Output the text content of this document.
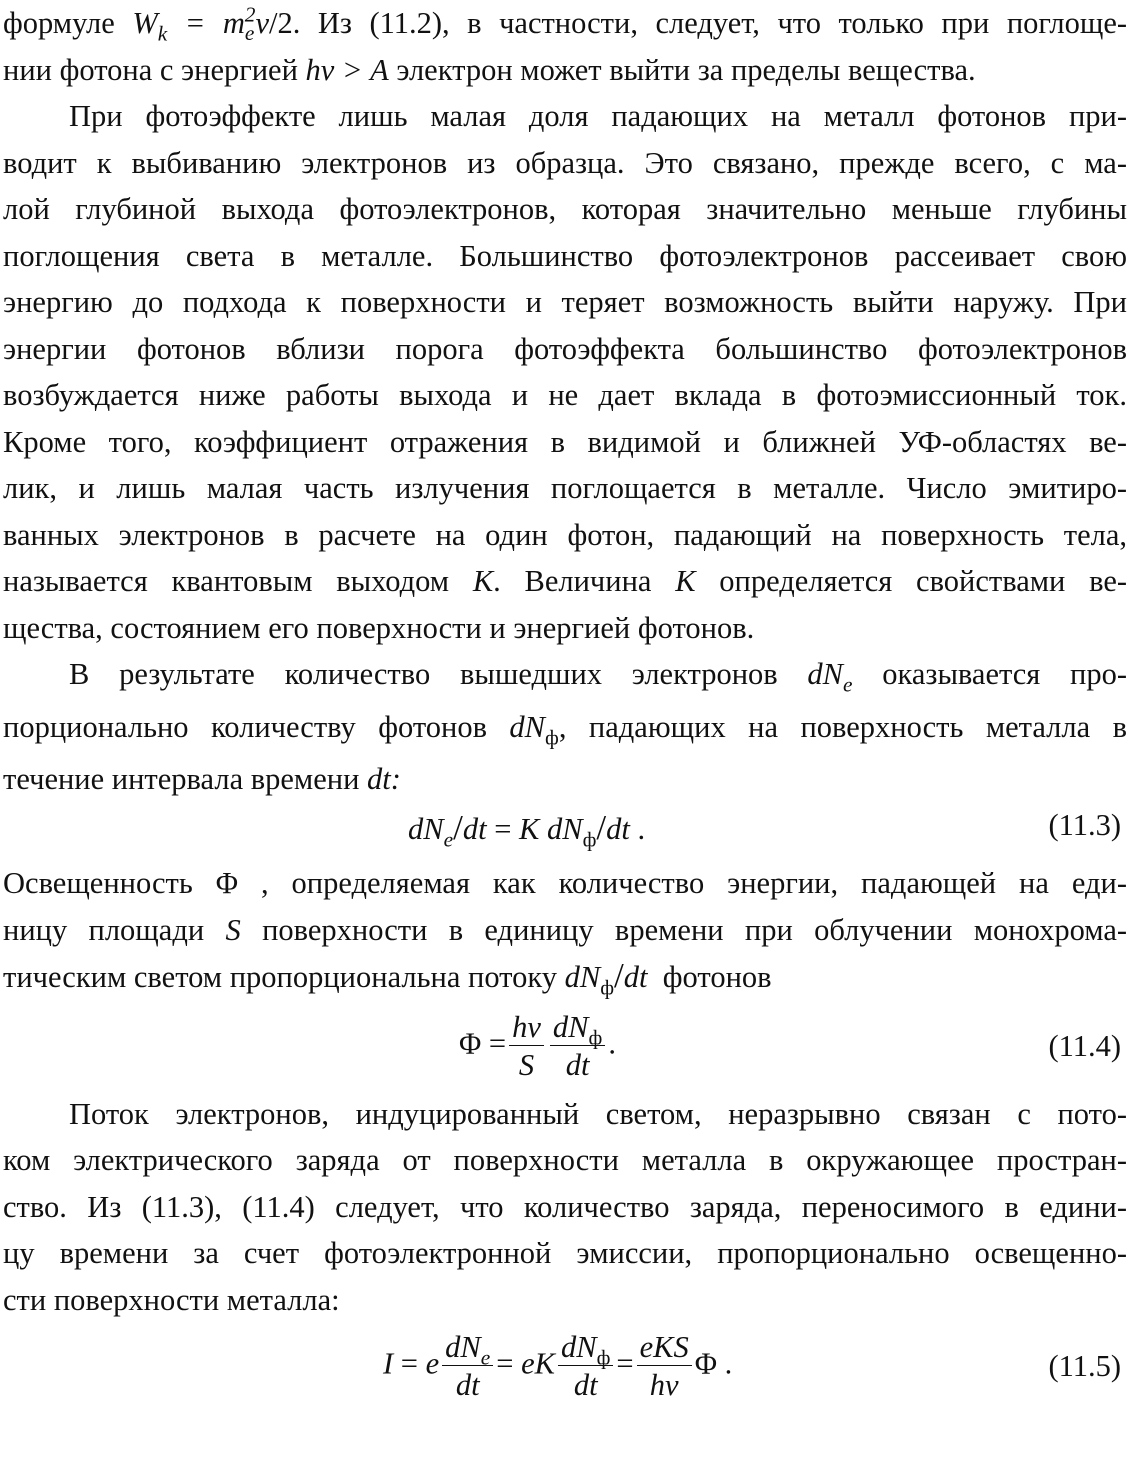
формуле $W_k = m_e^2v/2$. Из (11.2), в частности, следует, что только при поглоще-
нии фотона с энергией hν > A электрон может выйти за пределы вещества.
При фотоэффекте лишь малая доля падающих на металл фотонов при-
водит к выбиванию электронов из образца. Это связано, прежде всего, с ма-
лой глубиной выхода фотоэлектронов, которая значительно меньше глубины
поглощения света в металле. Большинство фотоэлектронов рассеивает свою
энергию до подхода к поверхности и теряет возможность выйти наружу. При
энергии фотонов вблизи порога фотоэффекта большинство фотоэлектронов
возбуждается ниже работы выхода и не дает вклада в фотоэмиссионный ток.
Кроме того, коэффициент отражения в видимой и ближней УФ-областях ве-
лик, и лишь малая часть излучения поглощается в металле. Число эмитиро-
ванных электронов в расчете на один фотон, падающий на поверхность тела,
называется квантовым выходом K. Величина K определяется свойствами ве-
щества, состоянием его поверхности и энергией фотонов.
В результате количество вышедших электронов $dN_e$ оказывается про-
порционально количеству фотонов $dN_ф$, падающих на поверхность металла в
течение интервала времени dt:
$dN_e/dt = K$ $dN_ф/dt$ .	(11.3)
Освещенность Φ , определяемая как количество энергии, падающей на еди-
ницу площади S поверхности в единицу времени при облучении монохрома-
тическим светом пропорциональна потоку $dN_ф/dt$ фотонов
$\Phi = \frac{h\nu}{S} \frac{dN_ф}{dt}$ .	(11.4)
Поток электронов, индуцированный светом, неразрывно связан с пото-
ком электрического заряда от поверхности металла в окружающее простран-
ство. Из (11.3), (11.4) следует, что количество заряда, переносимого в едини-
цу времени за счет фотоэлектронной эмиссии, пропорционально освещенно-
сти поверхности металла:
I = e $\frac{dN_e}{dt}$ = eK $\frac{dN_ф}{dt} = \frac{\text{eKS}}{h\nu}$ Φ .	(11.5)
